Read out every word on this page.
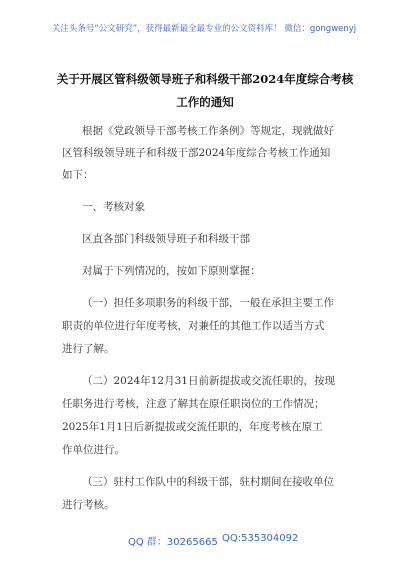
关注头条号“公文研究”，获得最新最全最专业的公文资料库！ 微信：gongwenyj
关于开展区管科级领导班子和科级干部2024年度综合考核
工作的通知
根据《党政领导干部考核工作条例》等规定，现就做好
区管科级领导班子和科级干部2024年度综合考核工作通知
如下：
一、考核对象
区直各部门科级领导班子和科级干部
对属于下列情况的，按如下原则掌握：
（一）担任多项职务的科级干部，一般在承担主要工作
职责的单位进行年度考核，对兼任的其他工作以适当方式
进行了解。
（二）2024年12月31日前新提拔或交流任职的，按现
任职务进行考核，注意了解其在原任职岗位的工作情况；
2025年1月1日后新提拔或交流任职的，年度考核在原工
作单位进行。
（三）驻村工作队中的科级干部，驻村期间在接收单位
进行考核。
QQ 群：30265665 QQ:535304092
